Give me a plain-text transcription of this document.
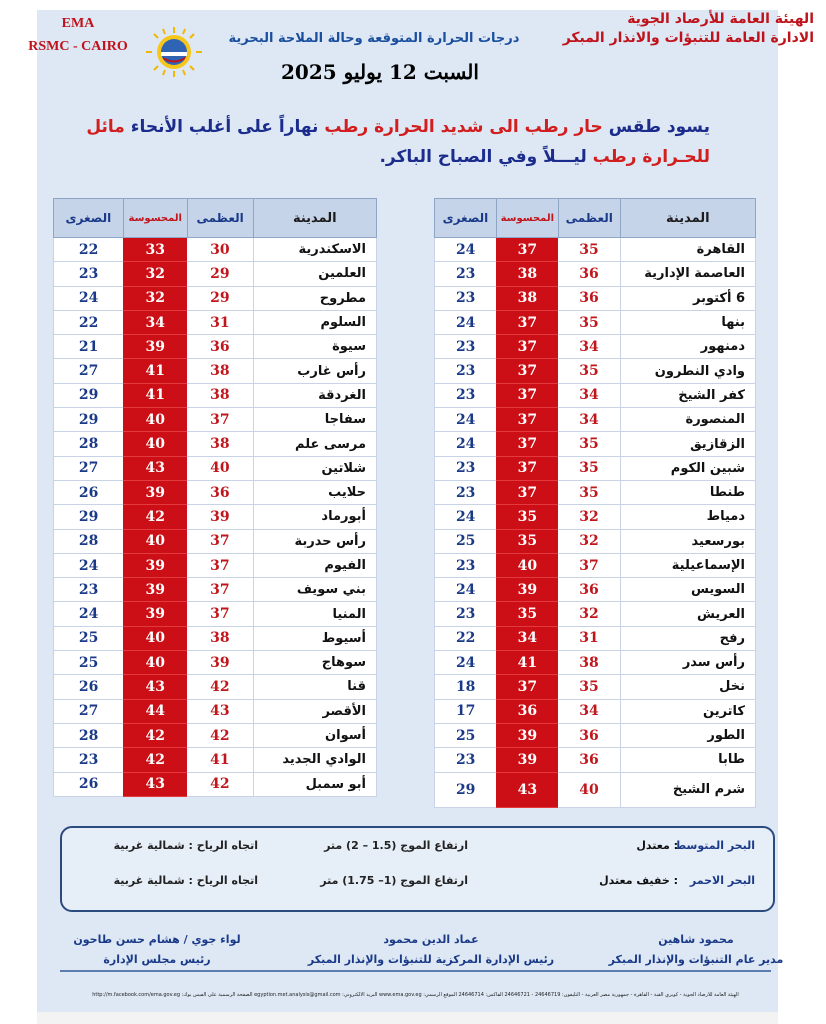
الهيئة العامة للأرصاد الجوية
الادارة العامة للتنبؤات والانذار المبكر
EMA
RSMC - CAIRO
درجات الحرارة المتوقعة وحالة الملاحة البحرية
السبت 12 يوليو 2025
يسود طقس حار رطب الى شديد الحرارة رطب نهاراً على أغلب الأنحاء مائل للحـرارة رطب ليـــلاً وفي الصباح الباكر.
المدينة	العظمى	المحسوسة	الصغرى
القاهرة	35	37	24
العاصمة الإدارية	36	38	23
6 أكتوبر	36	38	23
بنها	35	37	24
دمنهور	34	37	23
وادي النطرون	35	37	23
كفر الشيخ	34	37	23
المنصورة	34	37	24
الزقازيق	35	37	24
شبين الكوم	35	37	23
طنطا	35	37	23
دمياط	32	35	24
بورسعيد	32	35	25
الإسماعيلية	37	40	23
السويس	36	39	24
العريش	32	35	23
رفح	31	34	22
رأس سدر	38	41	24
نخل	35	37	18
كاترين	34	36	17
الطور	36	39	25
طابا	36	39	23
شرم الشيخ	40	43	29
المدينة	العظمى	المحسوسة	الصغرى
الاسكندرية	30	33	22
العلمين	29	32	23
مطروح	29	32	24
السلوم	31	34	22
سيوة	36	39	21
رأس غارب	38	41	27
الغردقة	38	41	29
سفاجا	37	40	29
مرسى علم	38	40	28
شلاتين	40	43	27
حلايب	36	39	26
أبورماد	39	42	29
رأس حدربة	37	40	28
الفيوم	37	39	24
بني سويف	37	39	23
المنيا	37	39	24
أسيوط	38	40	25
سوهاج	39	40	25
قنا	42	43	26
الأقصر	43	44	27
أسوان	42	42	28
الوادي الجديد	41	42	23
أبو سمبل	42	43	26
البحر المتوسط
: معتدل
ارتفاع الموج (1.5 – 2) متر
اتجاه الرياح : شمالية غربية
البحر الاحمر
: خفيف معتدل
ارتفاع الموج (1– 1.75) متر
اتجاه الرياح : شمالية غربية
محمود شاهين
مدير عام التنبؤات والإنذار المبكر
عماد الدين محمود
رئيس الإدارة المركزية للتنبؤات والإنذار المبكر
لواء جوي / هشام حسن طاحون
رئيس مجلس الإدارة
الهيئة العامة للأرصاد الجوية - كوبري القبة - القاهرة - جمهورية مصر العربية - التليفون: 24646719 - 24646721 الفاكس: 24646714 الموقع الرسمي: www.ema.gov.eg البريد الالكتروني: egyption.met.analysis@gmail.com الصفحة الرسمية على الفيس بوك: http://m.facebook.com/ema.gov.eg
